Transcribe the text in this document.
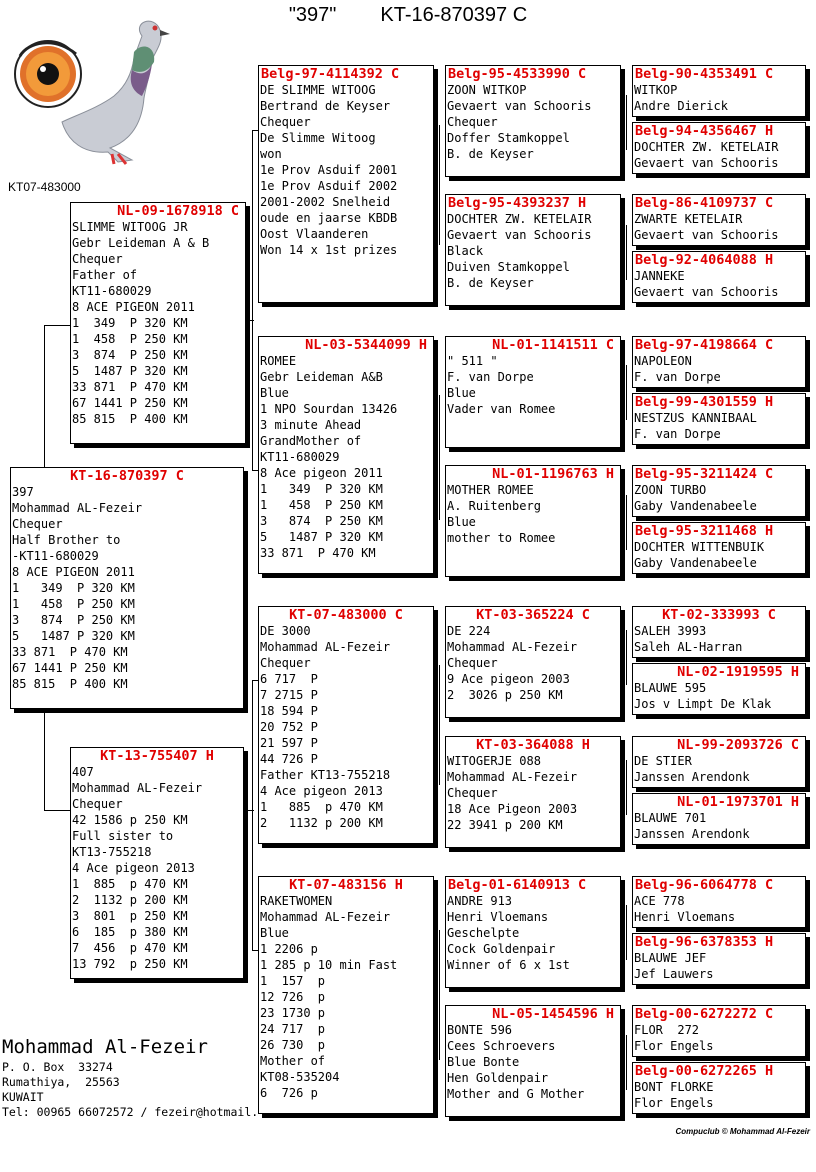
"397" KT-16-870397 C
KT07-483000
KT-16-870397 C
397
Mohammad AL-Fezeir
Chequer
Half Brother to
-KT11-680029
8 ACE PIGEON 2011
1   349  P 320 KM
1   458  P 250 KM
3   874  P 250 KM
5   1487 P 320 KM
33 871  P 470 KM
67 1441 P 250 KM
85 815  P 400 KM
NL-09-1678918 C
SLIMME WITOOG JR
Gebr Leideman A & B
Chequer
Father of
KT11-680029
8 ACE PIGEON 2011
1  349  P 320 KM
1  458  P 250 KM
3  874  P 250 KM
5  1487 P 320 KM
33 871  P 470 KM
67 1441 P 250 KM
85 815  P 400 KM
KT-13-755407 H
407
Mohammad AL-Fezeir
Chequer
42 1586 p 250 KM
Full sister to
KT13-755218
4 Ace pigeon 2013
1  885  p 470 KM
2  1132 p 200 KM
3  801  p 250 KM
6  185  p 380 KM
7  456  p 470 KM
13 792  p 250 KM
Belg-97-4114392 C
DE SLIMME WITOOG
Bertrand de Keyser
Chequer
De Slimme Witoog
won
1e Prov Asduif 2001
1e Prov Asduif 2002
2001-2002 Snelheid
oude en jaarse KBDB
Oost Vlaanderen
Won 14 x 1st prizes
NL-03-5344099 H
ROMEE
Gebr Leideman A&B
Blue
1 NPO Sourdan 13426
3 minute Ahead
GrandMother of
KT11-680029
8 Ace pigeon 2011
1   349  P 320 KM
1   458  P 250 KM
3   874  P 250 KM
5   1487 P 320 KM
33 871  P 470 KM
KT-07-483000 C
DE 3000
Mohammad AL-Fezeir
Chequer
6 717  P
7 2715 P
18 594 P
20 752 P
21 597 P
44 726 P
Father KT13-755218
4 Ace pigeon 2013
1   885  p 470 KM
2   1132 p 200 KM
KT-07-483156 H
RAKETWOMEN
Mohammad AL-Fezeir
Blue
1 2206 p
1 285 p 10 min Fast
1  157  p
12 726  p
23 1730 p
24 717  p
26 730  p
Mother of
KT08-535204
6  726 p
Belg-95-4533990 C
ZOON WITKOP
Gevaert van Schooris
Chequer
Doffer Stamkoppel
B. de Keyser
Belg-95-4393237 H
DOCHTER ZW. KETELAIR
Gevaert van Schooris
Black
Duiven Stamkoppel
B. de Keyser
NL-01-1141511 C
" 511 "
F. van Dorpe
Blue
Vader van Romee
NL-01-1196763 H
MOTHER ROMEE
A. Ruitenberg
Blue
mother to Romee
KT-03-365224 C
DE 224
Mohammad AL-Fezeir
Chequer
9 Ace pigeon 2003
2  3026 p 250 KM
KT-03-364088 H
WITOGERJE 088
Mohammad AL-Fezeir
Chequer
18 Ace Pigeon 2003
22 3941 p 200 KM
Belg-01-6140913 C
ANDRE 913
Henri Vloemans
Geschelpte
Cock Goldenpair
Winner of 6 x 1st
NL-05-1454596 H
BONTE 596
Cees Schroevers
Blue Bonte
Hen Goldenpair
Mother and G Mother
Belg-90-4353491 C
WITKOP
Andre Dierick
Belg-94-4356467 H
DOCHTER ZW. KETELAIR
Gevaert van Schooris
Belg-86-4109737 C
ZWARTE KETELAIR
Gevaert van Schooris
Belg-92-4064088 H
JANNEKE
Gevaert van Schooris
Belg-97-4198664 C
NAPOLEON
F. van Dorpe
Belg-99-4301559 H
NESTZUS KANNIBAAL
F. van Dorpe
Belg-95-3211424 C
ZOON TURBO
Gaby Vandenabeele
Belg-95-3211468 H
DOCHTER WITTENBUIK
Gaby Vandenabeele
KT-02-333993 C
SALEH 3993
Saleh AL-Harran
NL-02-1919595 H
BLAUWE 595
Jos v Limpt De Klak
NL-99-2093726 C
DE STIER
Janssen Arendonk
NL-01-1973701 H
BLAUWE 701
Janssen Arendonk
Belg-96-6064778 C
ACE 778
Henri Vloemans
Belg-96-6378353 H
BLAUWE JEF
Jef Lauwers
Belg-00-6272272 C
FLOR  272
Flor Engels
Belg-00-6272265 H
BONT FLORKE
Flor Engels
Mohammad Al-Fezeir
P. O. Box  33274
Rumathiya,  25563
KUWAIT
Tel: 00965 66072572 / fezeir@hotmail.
Compuclub © Mohammad Al-Fezeir
